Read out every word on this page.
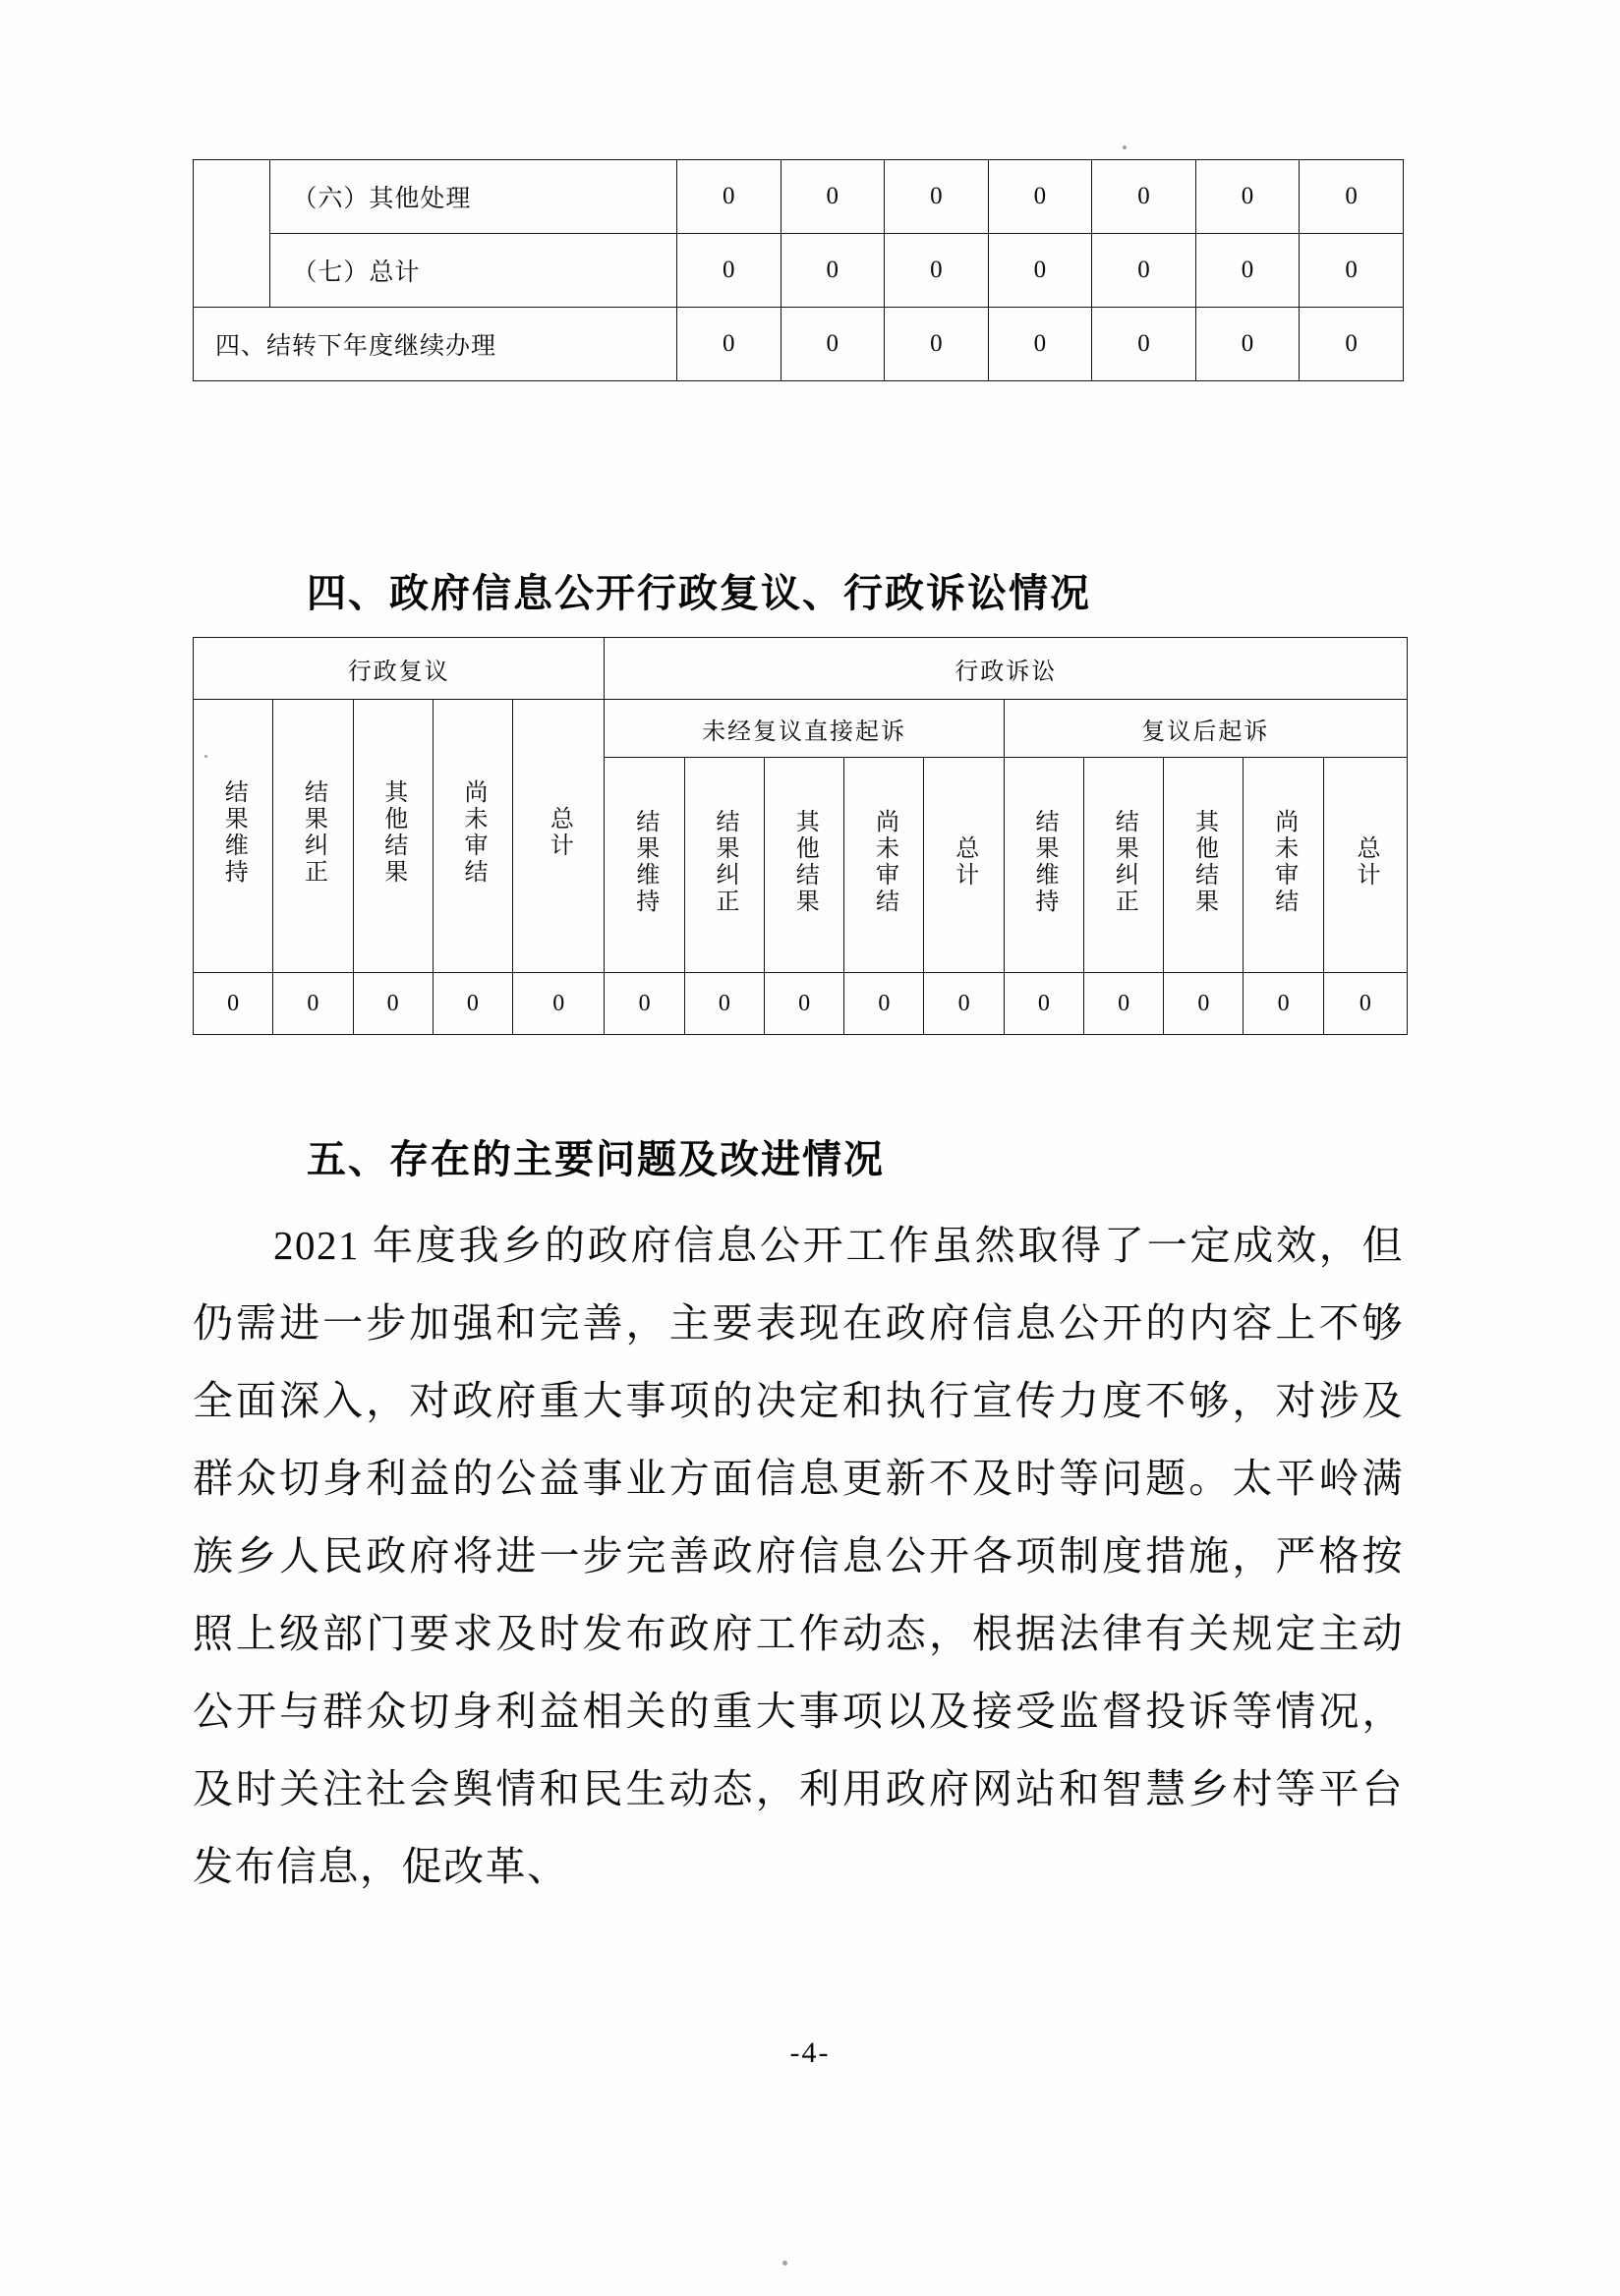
	（六）其他处理	0	0	0	0	0	0	0
	（七）总计	0	0	0	0	0	0	0
四、结转下年度继续办理		0	0	0	0	0	0	0
四、政府信息公开行政复议、行政诉讼情况
行政复议					行政诉讼									
结果维持	结果纠正	其他结果	尚未审结	总计	未经复议直接起诉					复议后起诉				
					结果维持	结果纠正	其他结果	尚未审结	总计	结果维持	结果纠正	其他结果	尚未审结	总计
0	0	0	0	0	0	0	0	0	0	0	0	0	0	0
五、存在的主要问题及改进情况
2021 年度我乡的政府信息公开工作虽然取得了一定成效，但仍需进一步加强和完善，主要表现在政府信息公开的内容上不够全面深入，对政府重大事项的决定和执行宣传力度不够，对涉及群众切身利益的公益事业方面信息更新不及时等问题。太平岭满族乡人民政府将进一步完善政府信息公开各项制度措施，严格按照上级部门要求及时发布政府工作动态，根据法律有关规定主动公开与群众切身利益相关的重大事项以及接受监督投诉等情况，及时关注社会舆情和民生动态，利用政府网站和智慧乡村等平台发布信息，促改革、
-4-
